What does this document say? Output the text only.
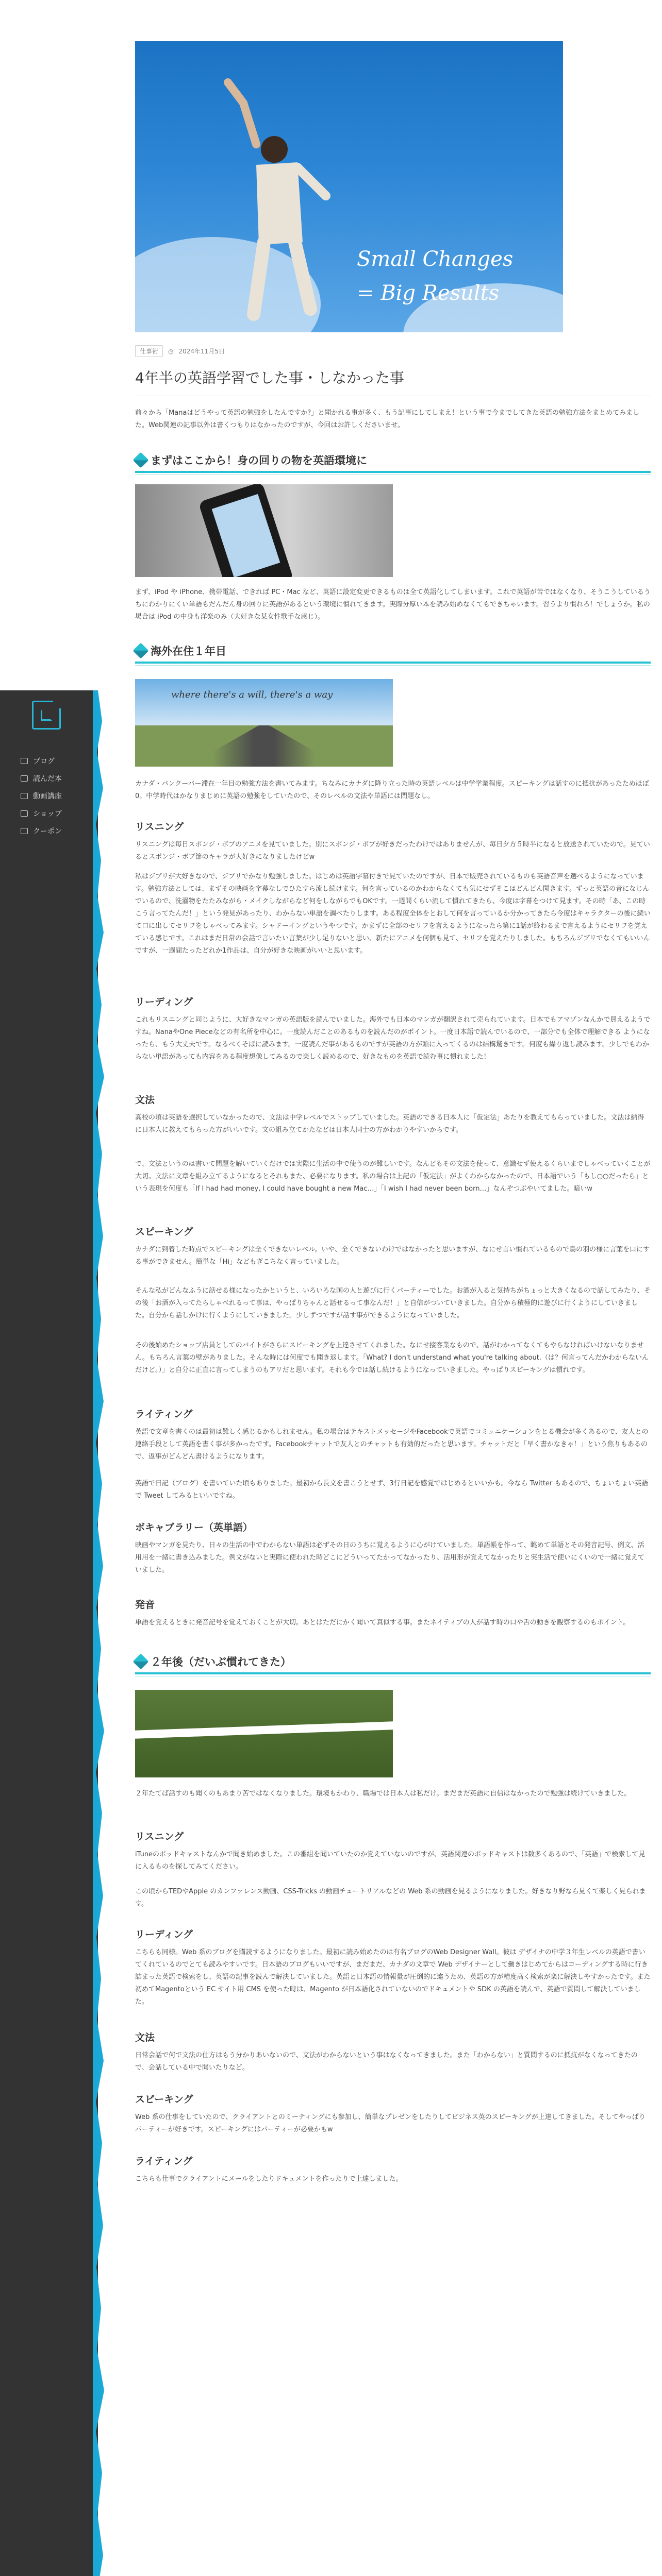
ブログ
読んだ本
動画講座
ショップ
クーポン
Small Changes
= Big Results
仕事術	◷ 2024年11月5日
4年半の英語学習でした事・しなかった事

前々から「Manaはどうやって英語の勉強をしたんですか?」と聞かれる事が多く、もう記事にしてしまえ！という事で今までしてきた英語の勉強方法をまとめてみました。Web関連の記事以外は書くつもりはなかったのですが、今回はお許しくださいませ。

まずはここから！身の回りの物を英語環境に

まず、iPod や iPhone、携帯電話、できれば PC・Mac など、英語に設定変更できるものは全て英語化してしまいます。これで英語が苦ではなくなり、そうこうしているうちにわかりにくい単語もだんだん身の回りに英語があるという環境に慣れてきます。実際分厚い本を読み始めなくてもできちゃいます。習うより慣れろ！でしょうか。私の場合は iPod の中身も洋楽のみ（大好きな某女性歌手な感じ）。

海外在住１年目
where there's a will, there's a way

カナダ・バンクーバー滞在一年目の勉強方法を書いてみます。ちなみにカナダに降り立った時の英語レベルは中学学業程度。スピーキングは話すのに抵抗があったためほぼ0。中学時代はかなりまじめに英語の勉強をしていたので、そのレベルの文法や単語には問題なし。

リスニング

リスニングは毎日スポンジ・ボブのアニメを見ていました。別にスポンジ・ボブが好きだったわけではありませんが、毎日夕方５時半になると放送されていたので。見ているとスポンジ・ボブ節のキャラが大好きになりましたけどw

私はジブリが大好きなので、ジブリでかなり勉強しました。はじめは英語字幕付きで見ていたのですが、日本で販売されているものも英語音声を選べるようになっています。勉強方法としては、まずその映画を字幕なしでひたすら流し続けます。何を言っているのかわからなくても気にせずそこはどんどん聞きます。ずっと英語の音になじんでいるので、洗濯物をたたみながら・メイクしながらなど何をしながらでもOKです。一週間くらい流して慣れてきたら、今度は字幕をつけて見ます。その時「あ、この時こう言ってたんだ！」という発見があったり、わからない単語を調べたりします。ある程度全体をとおして何を言っているか分かってきたら今度はキャラクターの後に続いて口に出してセリフをしゃべってみます。シャドーイングというやつです。かまずに全部のセリフを言えるようになったら第に1話が終わるまで言えるようにセリフを覚えている感じです。これはまだ日常の会話で言いたい言葉が少し足りないと思い、新たにアニメを何個も見て、セリフを覚えたりしました。もちろんジブリでなくてもいいんですが、一週間たったどれか1作品は、自分が好きな映画がいいと思います。

リーディング

これもリスニングと同じように、大好きなマンガの英語版を読んでいました。海外でも日本のマンガが翻訳されて売られています。日本でもアマゾンなんかで買えるようですね。NanaやOne Pieceなどの有名所を中心に。一度読んだことのあるものを読んだのがポイント。一度日本語で読んでいるので、一部分でも全体で理解できる ようになったら、もう大丈夫です。なるべくそばに読みます。一度読んだ事があるものですが英語の方が頭に入ってくるのは結構驚きです。何度も繰り返し読みます。少しでもわからない単語があっても内容をある程度想像してみるので楽しく読めるので、好きなものを英語で読む事に慣れました！

文法

高校の頃は英語を選択していなかったので、文法は中学レベルでストップしていました。英語のできる日本人に「仮定法」あたりを教えてもらっていました。文法は納得に日本人に教えてもらった方がいいです。文の組み立てかたなどは日本人同士の方がわかりやすいからです。

で、文法というのは書いて問題を解いていくだけでは実際に生活の中で使うのが難しいです。なんどもその文法を使って、意識せず使えるくらいまでしゃべっていくことが大切。文法に文章を組み立てるようになるとそれもまた、必要になります。私の場合は上記の「仮定法」がよくわからなかったので、日本語でいう「もし○○だったら」という表現を何度も「If I had had money, I could have bought a new Mac…」「I wish I had never been born…」なんぞつぶやいてました。暗いw

スピーキング

カナダに到着した時点でスピーキングは全くできないレベル。いや、全くできないわけではなかったと思いますが、なにせ言い慣れているもので鳥の羽の様に言葉を口にする事ができません。簡単な「Hi」などもぎこちなく言っていました。

そんな私がどんなふうに話せる様になったかというと、いろいろな国の人と遊びに行くパーティーでした。お酒が入ると気持ちがちょっと大きくなるので話してみたり、その後「お酒が入ってたらしゃべれるって事は、やっぱりちゃんと話せるって事なんだ！」と自信がついていきました。自分から積極的に遊びに行くようにしていきました。自分から話しかけに行くようにしていきました。少しずつですが話す事ができるようになっていました。

その後始めたショップ店員としてのバイトがさらにスピーキングを上達させてくれました。なにせ接客業なもので、話がわかってなくてもやらなければいけないなりません。もちろん言葉の壁がありました。そんな時には何度でも聞き返します。「What? I don't understand what you're talking about.（は？何言ってんだかわからないんだけど。）」と自分に正直に言ってしまうのもアリだと思います。それも今では話し続けるようになっていきました。やっぱりスピーキングは慣れです。

ライティング

英語で文章を書くのは最初は難しく感じるかもしれません。私の場合はテキストメッセージやFacebookで英語でコミュニケーションをとる機会が多くあるので、友人との連絡手段として英語を書く事が多かったです。Facebookチャットで友人とのチャットも有効的だったと思います。チャットだと「早く書かなきゃ！」という焦りもあるので、返事がどんどん書けるようになります。

英語で日記（ブログ）を書いていた頃もありました。最初から長文を書こうとせず、3行日記を感覚ではじめるといいかも。今なら Twitter もあるので、ちょいちょい英語で Tweet してみるといいですね。

ボキャブラリー（英単語）

映画やマンガを見たり、日々の生活の中でわからない単語は必ずその日のうちに覚えるように心がけていました。単語帳を作って、眺めて単語とその発音記号、例文、活用用を一緒に書き込みました。例文がないと実際に使われた時どこにどういってたかってなかったり、活用形が覚えてなかったりと実生活で使いにくいので一緒に覚えていました。

発音

単語を覚えるときに発音記号を覚えておくことが大切。あとはただにかく聞いて真似する事。またネイティブの人が話す時の口や舌の動きを観察するのもポイント。

２年後（だいぶ慣れてきた）

２年たてば話すのも聞くのもあまり苦ではなくなりました。環境もかわり、職場では日本人は私だけ。まだまだ英語に自信はなかったので勉強は続けていきました。

リスニング

iTuneのポッドキャストなんかで聞き始めました。この番組を聞いていたのか覚えていないのですが、英語関連のポッドキャストは数多くあるので、「英語」で検索して見に入るものを探してみてください。

この頃からTEDやApple のカンファレンス動画、CSS-Tricks の動画チュートリアルなどの Web 系の動画を見るようになりました。好きなり野なら見くて楽しく見られます。

リーディング

こちらも同様。Web 系のブログを購読するようになりました。最初に読み始めたのは有名ブログのWeb Designer Wall。彼は デザイナの中学３年生レベルの英語で書いてくれているのでとても読みやすいです。日本語のブログもいいですが、まだまだ、カナダの文章で Web デザイナーとして働きはじめてからはコーディングする時に行き詰まった英語で検索をし、英語の記事を読んで解決していました。英語と日本語の情報量が圧倒的に違うため、英語の方が精度高く検索が楽に解決しやすかったです。また初めてMagentoという EC サイト用 CMS を使った時は、Magento が日本語化されていないのでドキュメントや SDK の英語を読んで、英語で質問して解決していました。

文法

日常会話で何で文法の仕方はもう分かりあいないので、文法がわからないという事はなくなってきました。また「わからない」と質問するのに抵抗がなくなってきたので、会話している中で聞いたりなど。

スピーキング

Web 系の仕事をしていたので、クライアントとのミーティングにも参加し、簡単なプレゼンをしたりしてビジネス英のスピーキングが上達してきました。そしてやっぱりパーティーが好きです。スピーキングにはパーティーが必要かもw

ライティング

こちらも仕事でクライアントにメールをしたりドキュメントを作ったりで上達しました。
